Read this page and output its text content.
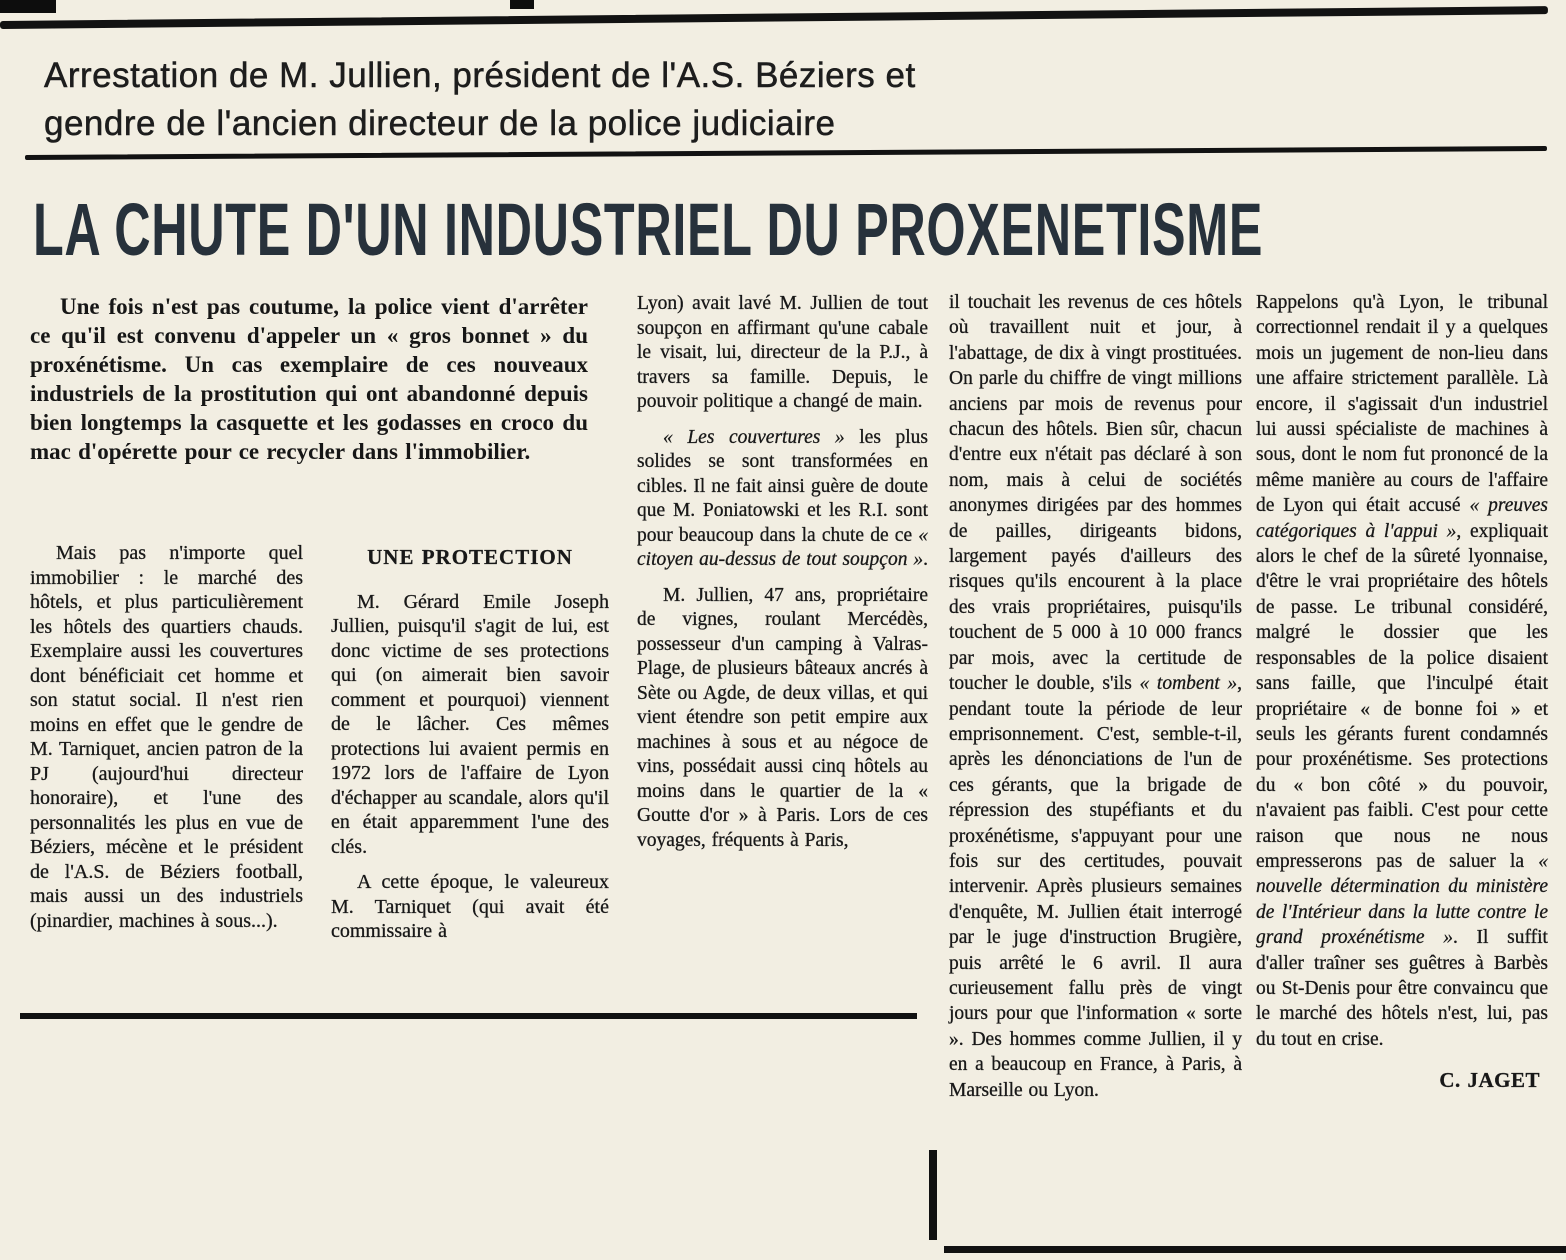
Arrestation de M. Jullien, président de l'A.S. Béziers et
gendre de l'ancien directeur de la police judiciaire
LA CHUTE D'UN INDUSTRIEL DU PROXENETISME
Une fois n'est pas coutume, la police vient d'arrêter ce qu'il est convenu d'appeler un « gros bonnet » du proxénétisme. Un cas exemplaire de ces nouveaux industriels de la prostitution qui ont abandonné depuis bien longtemps la casquette et les godasses en croco du mac d'opérette pour ce recycler dans l'immobilier.

Mais pas n'importe quel immobilier : le marché des hôtels, et plus particulièrement les hôtels des quartiers chauds. Exemplaire aussi les couvertures dont bénéficiait cet homme et son statut social. Il n'est rien moins en effet que le gendre de M. Tarniquet, ancien patron de la PJ (aujourd'hui directeur honoraire), et l'une des personnalités les plus en vue de Béziers, mécène et le président de l'A.S. de Béziers football, mais aussi un des industriels (pinardier, machines à sous...).

UNE PROTECTION

M. Gérard Emile Joseph Jullien, puisqu'il s'agit de lui, est donc victime de ses protections qui (on aimerait bien savoir comment et pourquoi) viennent de le lâcher. Ces mêmes protections lui avaient permis en 1972 lors de l'affaire de Lyon d'échapper au scandale, alors qu'il en était apparemment l'une des clés.

A cette époque, le valeureux M. Tarniquet (qui avait été commissaire à

Lyon) avait lavé M. Jullien de tout soupçon en affirmant qu'une cabale le visait, lui, directeur de la P.J., à travers sa famille. Depuis, le pouvoir politique a changé de main.

« Les couvertures » les plus solides se sont transformées en cibles. Il ne fait ainsi guère de doute que M. Poniatowski et les R.I. sont pour beaucoup dans la chute de ce « citoyen au-dessus de tout soupçon ».

M. Jullien, 47 ans, propriétaire de vignes, roulant Mercédès, possesseur d'un camping à Valras-Plage, de plusieurs bâteaux ancrés à Sète ou Agde, de deux villas, et qui vient étendre son petit empire aux machines à sous et au négoce de vins, possédait aussi cinq hôtels au moins dans le quartier de la « Goutte d'or » à Paris. Lors de ces voyages, fréquents à Paris,

il touchait les revenus de ces hôtels où travaillent nuit et jour, à l'abattage, de dix à vingt prostituées. On parle du chiffre de vingt millions anciens par mois de revenus pour chacun des hôtels. Bien sûr, chacun d'entre eux n'était pas déclaré à son nom, mais à celui de sociétés anonymes dirigées par des hommes de pailles, dirigeants bidons, largement payés d'ailleurs des risques qu'ils encourent à la place des vrais propriétaires, puisqu'ils touchent de 5 000 à 10 000 francs par mois, avec la certitude de toucher le double, s'ils « tombent », pendant toute la période de leur emprisonnement. C'est, semble-t-il, après les dénonciations de l'un de ces gérants, que la brigade de répression des stupéfiants et du proxénétisme, s'appuyant pour une fois sur des certitudes, pouvait intervenir. Après plusieurs semaines d'enquête, M. Jullien était interrogé par le juge d'instruction Brugière, puis arrêté le 6 avril. Il aura curieusement fallu près de vingt jours pour que l'information « sorte ». Des hommes comme Jullien, il y en a beaucoup en France, à Paris, à Marseille ou Lyon.

Rappelons qu'à Lyon, le tribunal correctionnel rendait il y a quelques mois un jugement de non-lieu dans une affaire strictement parallèle. Là encore, il s'agissait d'un industriel lui aussi spécialiste de machines à sous, dont le nom fut prononcé de la même manière au cours de l'affaire de Lyon qui était accusé « preuves catégoriques à l'appui », expliquait alors le chef de la sûreté lyonnaise, d'être le vrai propriétaire des hôtels de passe. Le tribunal considéré, malgré le dossier que les responsables de la police disaient sans faille, que l'inculpé était propriétaire « de bonne foi » et seuls les gérants furent condamnés pour proxénétisme. Ses protections du « bon côté » du pouvoir, n'avaient pas faibli. C'est pour cette raison que nous ne nous empresserons pas de saluer la « nouvelle détermination du ministère de l'Intérieur dans la lutte contre le grand proxénétisme ». Il suffit d'aller traîner ses guêtres à Barbès ou St-Denis pour être convaincu que le marché des hôtels n'est, lui, pas du tout en crise.

C. JAGET
